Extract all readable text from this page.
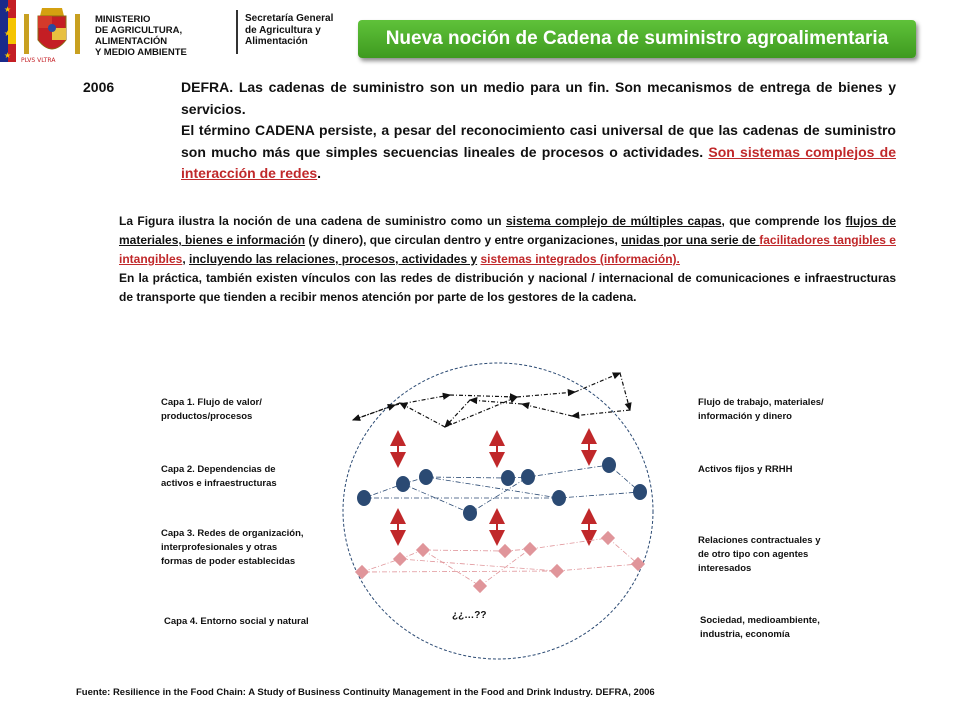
★
★
★
PLVS VLTRA
MINISTERIO
DE AGRICULTURA, ALIMENTACIÓN
Y MEDIO AMBIENTE
Secretaría General
de Agricultura y
Alimentación	Nueva noción de Cadena de suministro agroalimentaria
2006	DEFRA. Las cadenas de suministro son un medio para un fin. Son mecanismos de entrega de bienes y servicios.

El término CADENA persiste, a pesar del reconocimiento casi universal de que las cadenas de suministro son mucho más que simples secuencias lineales de procesos o actividades. Son sistemas complejos de interacción de redes.

La Figura ilustra la noción de una cadena de suministro como un sistema complejo de múltiples capas, que comprende los flujos de materiales, bienes e información (y dinero), que circulan dentro y entre organizaciones, unidas por una serie de facilitadores tangibles e intangibles, incluyendo las relaciones, procesos, actividades y sistemas integrados (información).

En la práctica, también existen vínculos con las redes de distribución y nacional / internacional de comunicaciones e infraestructuras de transporte que tienden a recibir menos atención por parte de los gestores de la cadena.

Capa 1. Flujo de valor/
productos/procesos
Capa 2. Dependencias de
activos e infraestructuras
Capa 3. Redes de organización,
interprofesionales y otras
formas de poder establecidas
Capa 4. Entorno social y natural
Flujo de trabajo, materiales/
información y dinero
Activos fijos y RRHH
Relaciones contractuales y
de otro tipo con agentes
interesados
Sociedad, medioambiente,
industria, economía
¿¿…??
Fuente: Resilience in the Food Chain: A Study of Business Continuity Management in the Food and Drink Industry. DEFRA, 2006
